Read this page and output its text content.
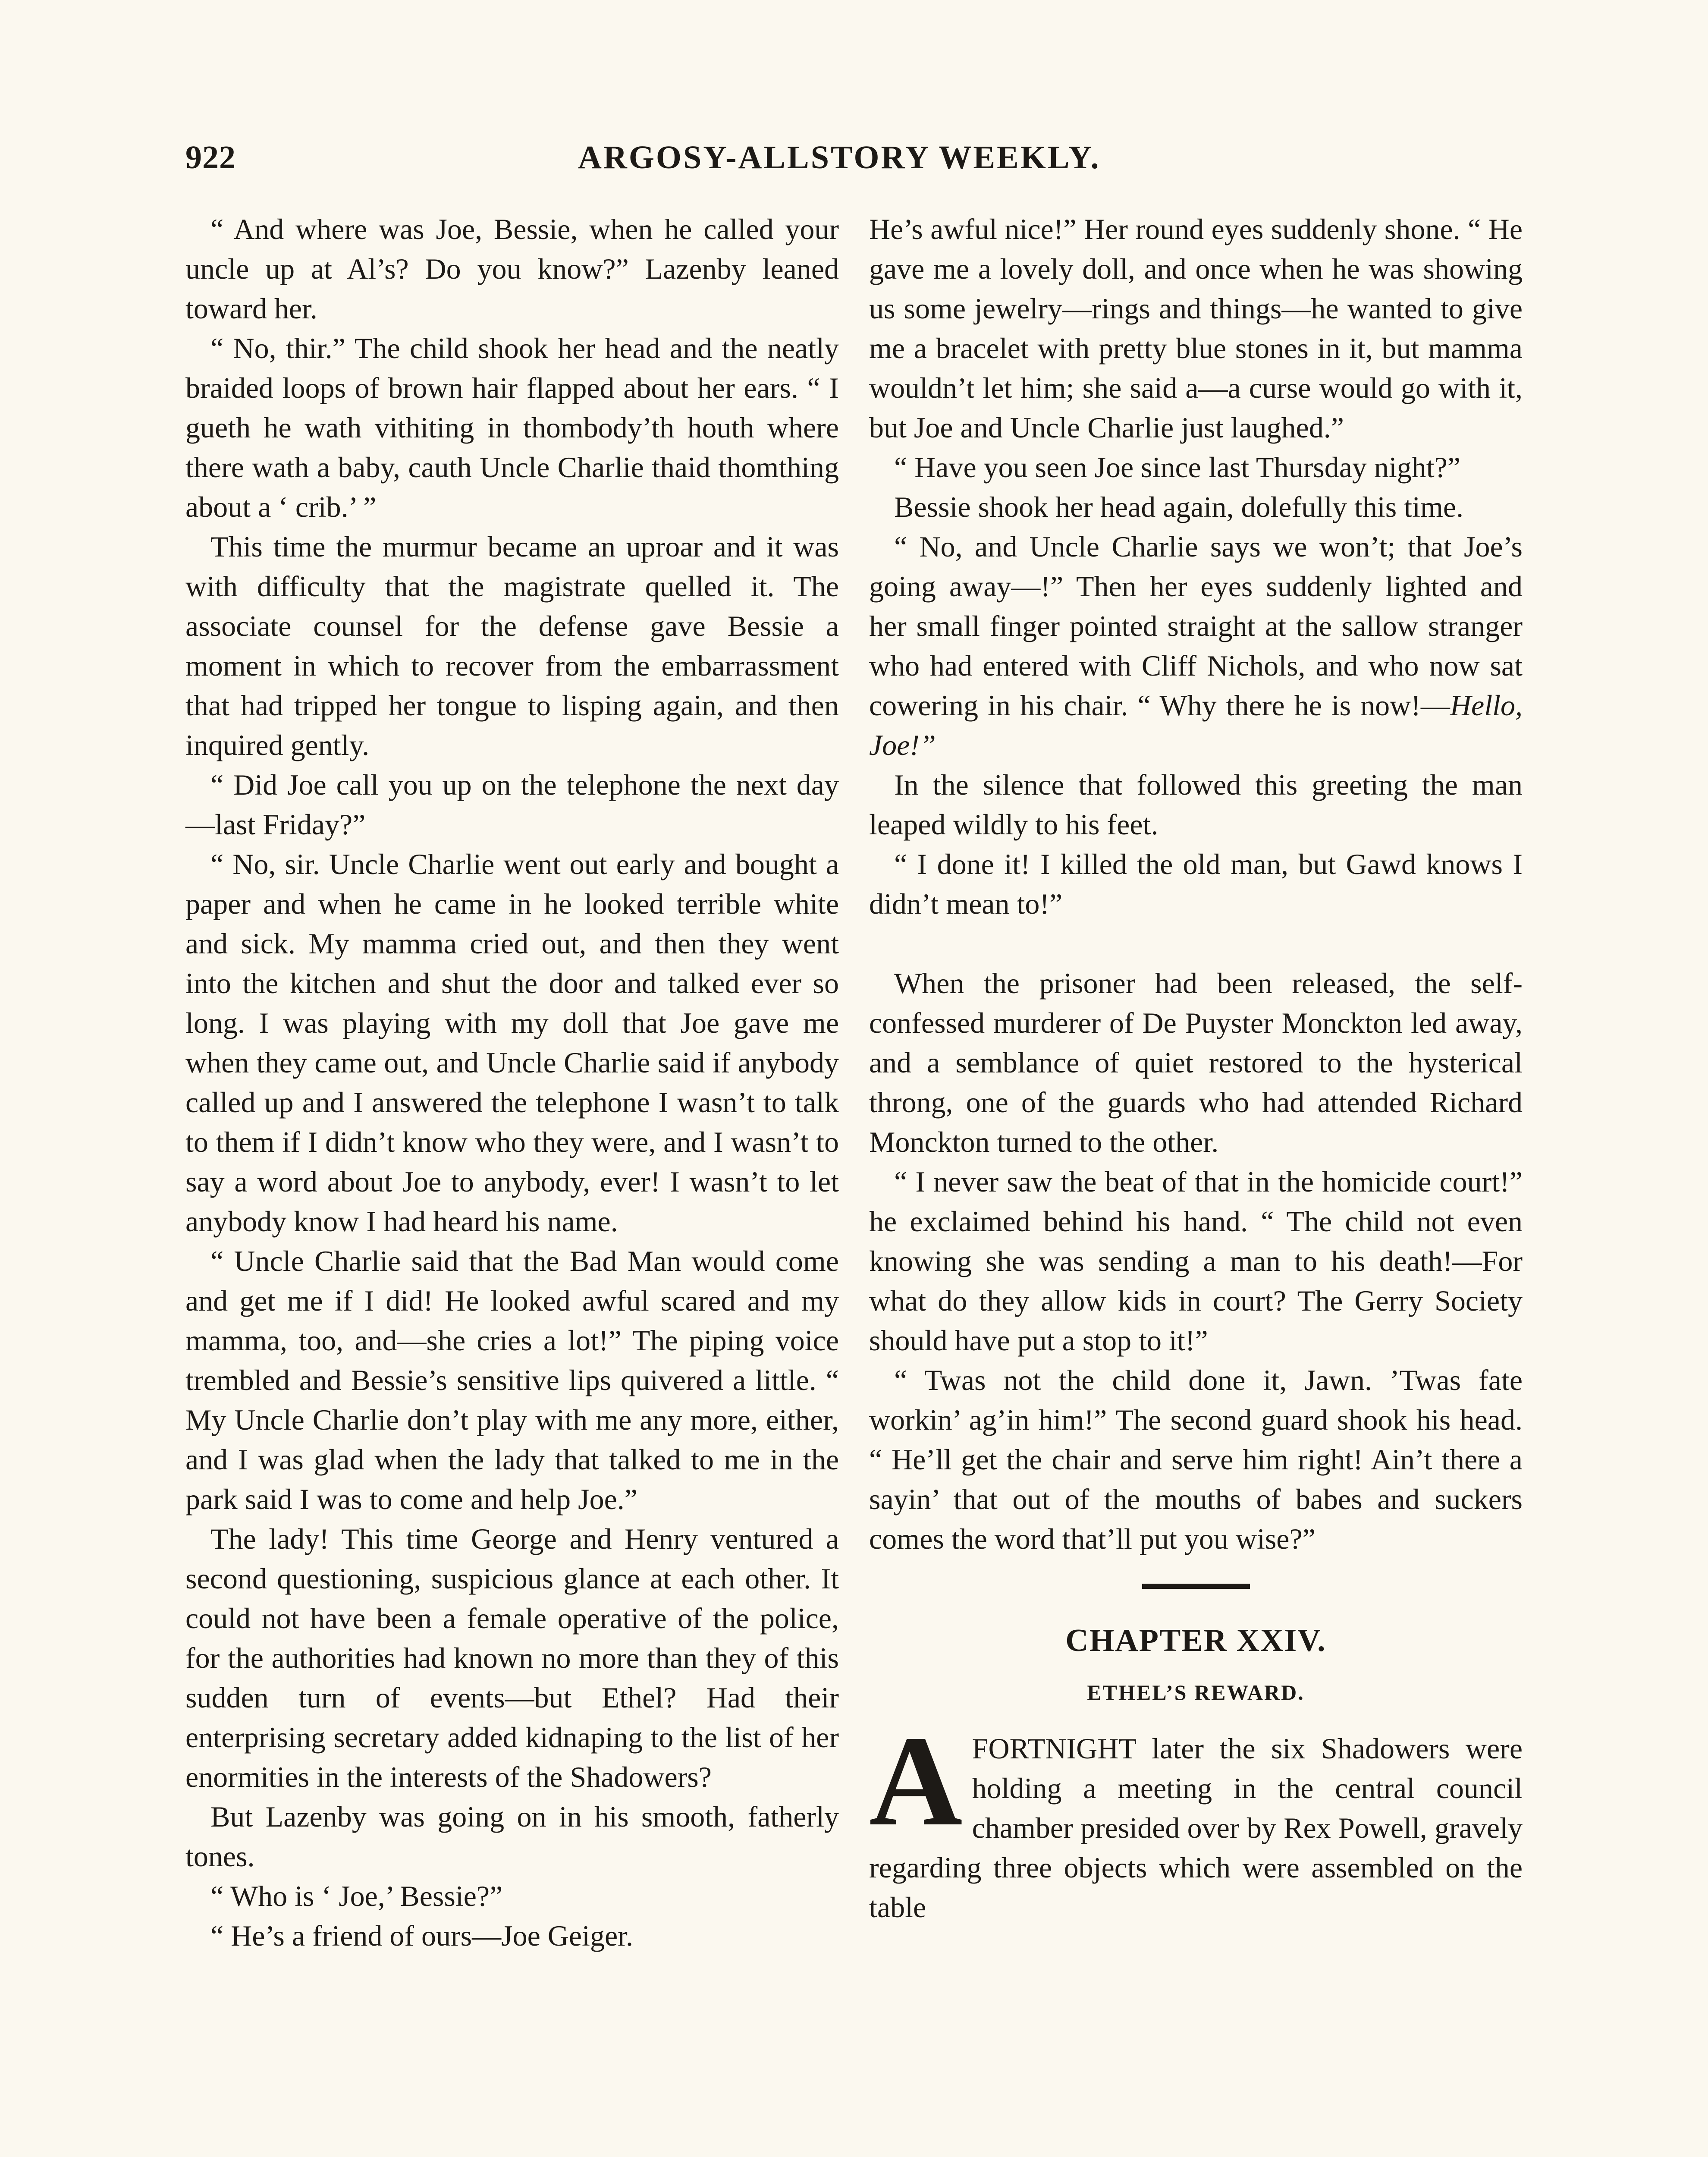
922	ARGOSY-ALLSTORY WEEKLY.

“ And where was Joe, Bessie, when he called your uncle up at Al’s? Do you know?” Lazenby leaned toward her.

“ No, thir.” The child shook her head and the neatly braided loops of brown hair flapped about her ears. “ I gueth he wath vithiting in thombody’th houth where there wath a baby, cauth Uncle Charlie thaid thomthing about a ‘ crib.’ ”

This time the murmur became an uproar and it was with difficulty that the magistrate quelled it. The associate counsel for the defense gave Bessie a moment in which to recover from the embarrassment that had tripped her tongue to lisping again, and then inquired gently.

“ Did Joe call you up on the telephone the next day—last Friday?”

“ No, sir. Uncle Charlie went out early and bought a paper and when he came in he looked terrible white and sick. My mamma cried out, and then they went into the kitchen and shut the door and talked ever so long. I was playing with my doll that Joe gave me when they came out, and Uncle Charlie said if anybody called up and I answered the telephone I wasn’t to talk to them if I didn’t know who they were, and I wasn’t to say a word about Joe to anybody, ever! I wasn’t to let anybody know I had heard his name.

“ Uncle Charlie said that the Bad Man would come and get me if I did! He looked awful scared and my mamma, too, and—she cries a lot!” The piping voice trembled and Bessie’s sensitive lips quivered a little. “ My Uncle Charlie don’t play with me any more, either, and I was glad when the lady that talked to me in the park said I was to come and help Joe.”

The lady! This time George and Henry ventured a second questioning, suspicious glance at each other. It could not have been a female operative of the police, for the authorities had known no more than they of this sudden turn of events—but Ethel? Had their enterprising secretary added kidnaping to the list of her enormities in the interests of the Shadowers?

But Lazenby was going on in his smooth, fatherly tones.

“ Who is ‘ Joe,’ Bessie?”

“ He’s a friend of ours—Joe Geiger.

He’s awful nice!” Her round eyes suddenly shone. “ He gave me a lovely doll, and once when he was showing us some jewelry—rings and things—he wanted to give me a bracelet with pretty blue stones in it, but mamma wouldn’t let him; she said a—a curse would go with it, but Joe and Uncle Charlie just laughed.”

“ Have you seen Joe since last Thursday night?”

Bessie shook her head again, dolefully this time.

“ No, and Uncle Charlie says we won’t; that Joe’s going away—!” Then her eyes suddenly lighted and her small finger pointed straight at the sallow stranger who had entered with Cliff Nichols, and who now sat cowering in his chair. “ Why there he is now!—Hello, Joe!”

In the silence that followed this greeting the man leaped wildly to his feet.

“ I done it! I killed the old man, but Gawd knows I didn’t mean to!”

When the prisoner had been released, the self-confessed murderer of De Puyster Monckton led away, and a semblance of quiet restored to the hysterical throng, one of the guards who had attended Richard Monckton turned to the other.

“ I never saw the beat of that in the homicide court!” he exclaimed behind his hand. “ The child not even knowing she was sending a man to his death!—For what do they allow kids in court? The Gerry Society should have put a stop to it!”

“ Twas not the child done it, Jawn. ’Twas fate workin’ ag’in him!” The second guard shook his head. “ He’ll get the chair and serve him right! Ain’t there a sayin’ that out of the mouths of babes and suckers comes the word that’ll put you wise?”

CHAPTER XXIV.
ETHEL’S REWARD.

AFORTNIGHT later the six Shadowers were holding a meeting in the central council chamber presided over by Rex Powell, gravely regarding three objects which were assembled on the table
